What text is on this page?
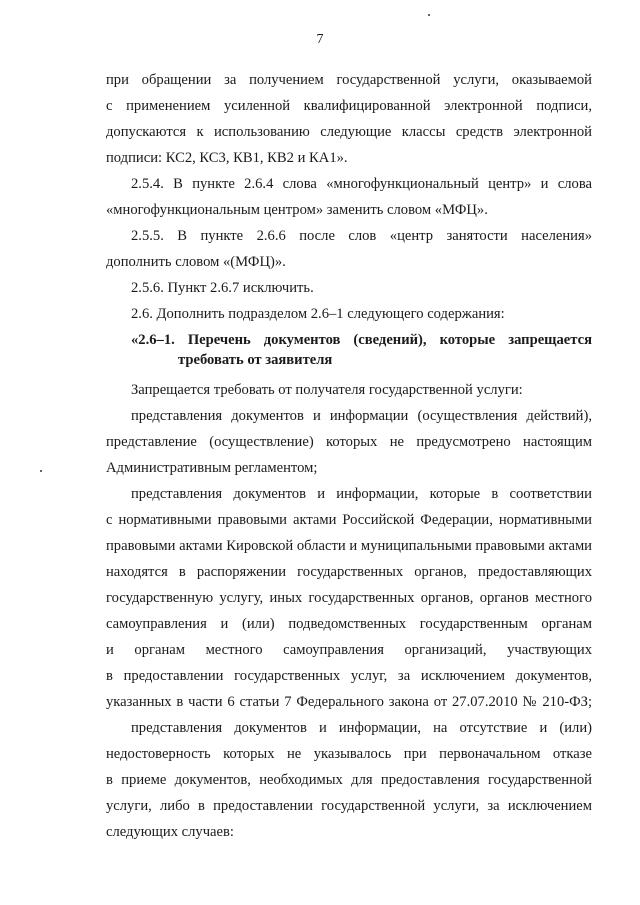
7
при обращении за получением государственной услуги, оказываемой
с применением усиленной квалифицированной электронной подписи,
допускаются к использованию следующие классы средств электронной
подписи: КС2, КС3, КВ1, КВ2 и КА1».
2.5.4. В пункте 2.6.4 слова «многофункциональный центр» и слова
«многофункциональным центром» заменить словом «МФЦ».
2.5.5. В пункте 2.6.6 после слов «центр занятости населения»
дополнить словом «(МФЦ)».
2.5.6. Пункт 2.6.7 исключить.
2.6. Дополнить подразделом 2.6–1 следующего содержания:
«2.6–1. Перечень документов (сведений), которые запрещается
требовать от заявителя
Запрещается требовать от получателя государственной услуги:
представления документов и информации (осуществления действий),
представление (осуществление) которых не предусмотрено настоящим
Административным регламентом;
представления документов и информации, которые в соответствии
с нормативными правовыми актами Российской Федерации, нормативными
правовыми актами Кировской области и муниципальными правовыми актами
находятся в распоряжении государственных органов, предоставляющих
государственную услугу, иных государственных органов, органов местного
самоуправления и (или) подведомственных государственным органам
и органам местного самоуправления организаций, участвующих
в предоставлении государственных услуг, за исключением документов,
указанных в части 6 статьи 7 Федерального закона от 27.07.2010 № 210-ФЗ;
представления документов и информации, на отсутствие и (или)
недостоверность которых не указывалось при первоначальном отказе
в приеме документов, необходимых для предоставления государственной
услуги, либо в предоставлении государственной услуги, за исключением
следующих случаев:
